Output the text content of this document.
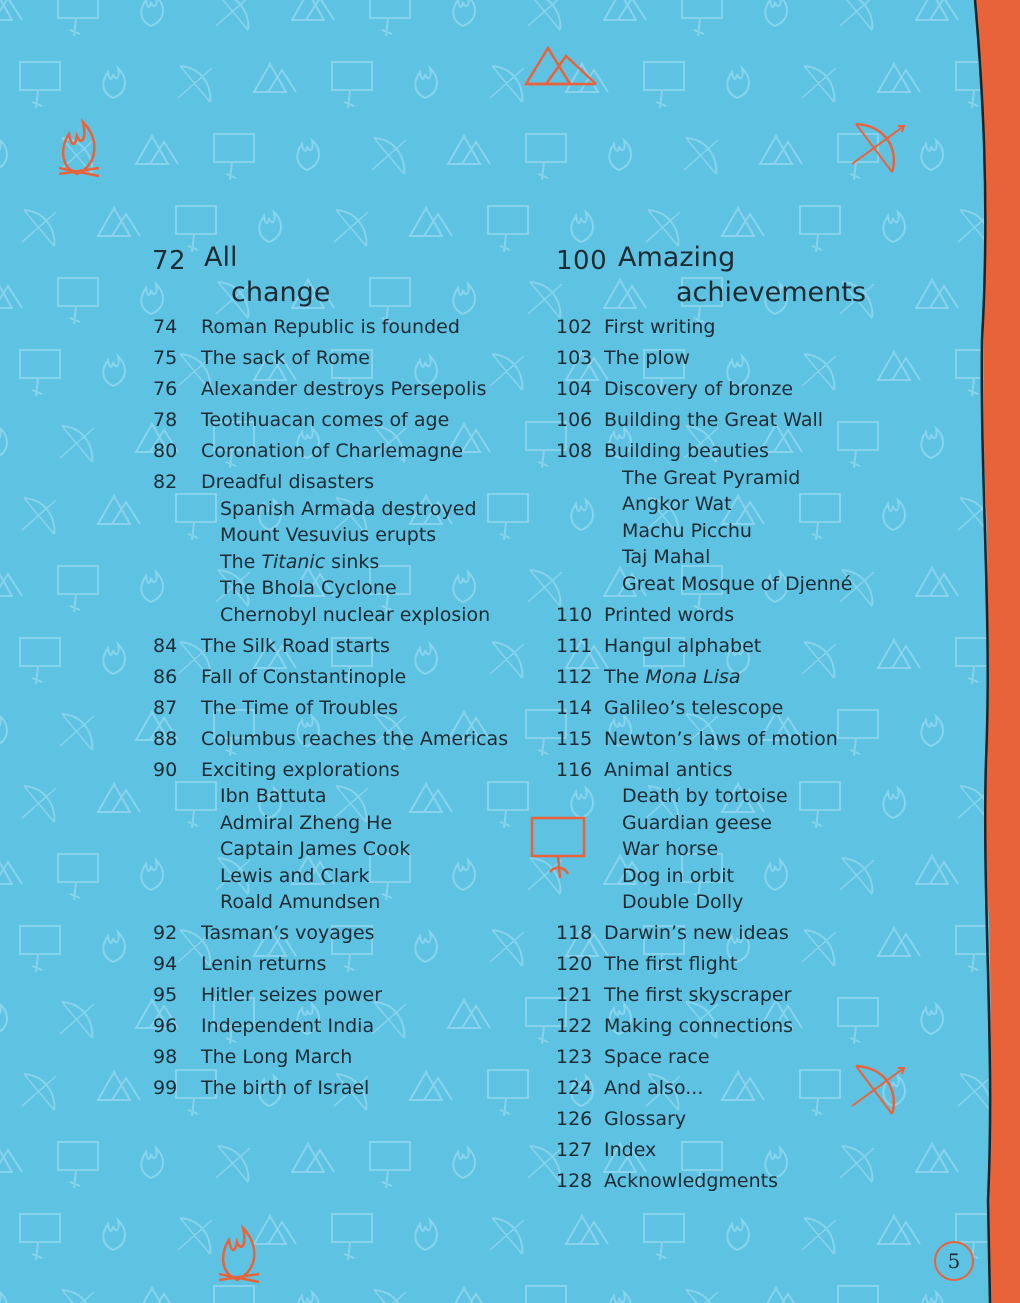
72 All
change
74 Roman Republic is founded
75 The sack of Rome
76 Alexander destroys Persepolis
78 Teotihuacan comes of age
80 Coronation of Charlemagne
82 Dreadful disasters
Spanish Armada destroyed
Mount Vesuvius erupts
The Titanic sinks
The Bhola Cyclone
Chernobyl nuclear explosion
84 The Silk Road starts
86 Fall of Constantinople
87 The Time of Troubles
88 Columbus reaches the Americas
90 Exciting explorations
Ibn Battuta
Admiral Zheng He
Captain James Cook
Lewis and Clark
Roald Amundsen
92 Tasman’s voyages
94 Lenin returns
95 Hitler seizes power
96 Independent India
98 The Long March
99 The birth of Israel
100 Amazing
achievements
102 First writing
103 The plow
104 Discovery of bronze
106 Building the Great Wall
108 Building beauties
The Great Pyramid
Angkor Wat
Machu Picchu
Taj Mahal
Great Mosque of Djenné
110 Printed words
111 Hangul alphabet
112 The Mona Lisa
114 Galileo’s telescope
115 Newton’s laws of motion
116 Animal antics
Death by tortoise
Guardian geese
War horse
Dog in orbit
Double Dolly
118 Darwin’s new ideas
120 The first flight
121 The first skyscraper
122 Making connections
123 Space race
124 And also...
126 Glossary
127 Index
128 Acknowledgments
5
